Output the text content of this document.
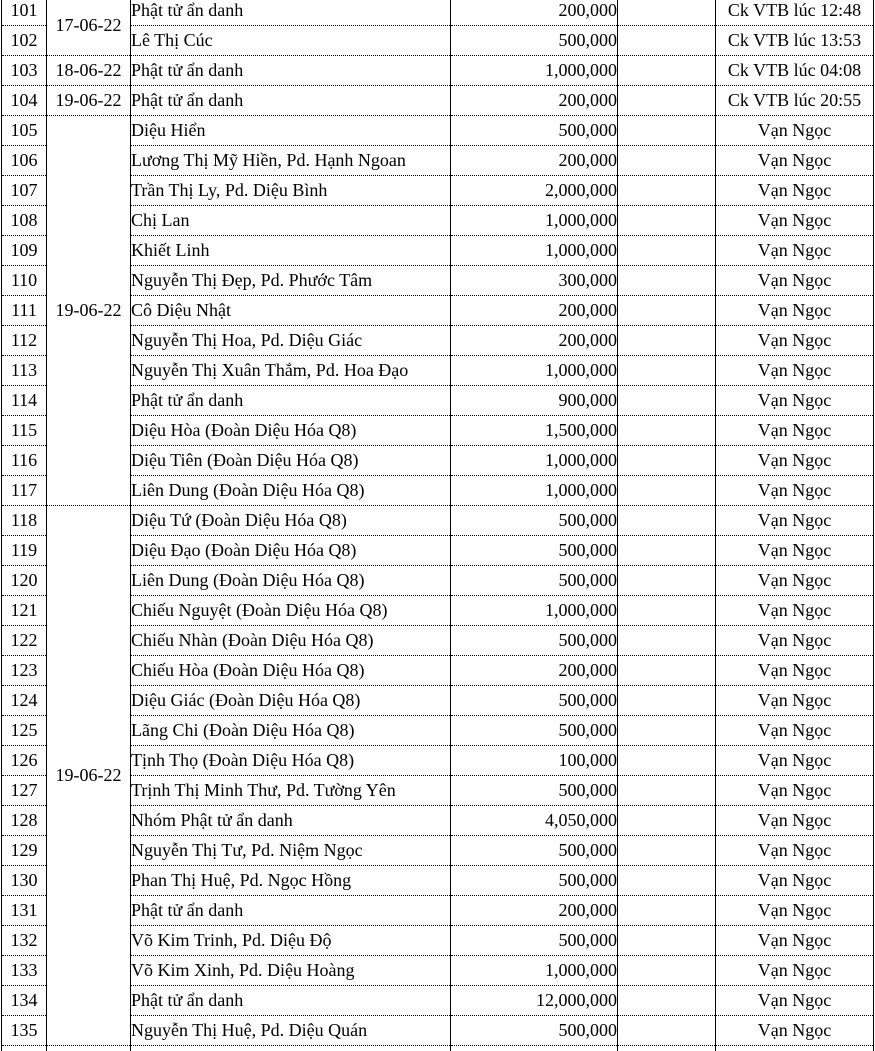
101	17-06-22	Phật tử ẩn danh	200,000		Ck VTB lúc 12:48
102		Lê Thị Cúc	500,000		Ck VTB lúc 13:53
103	18-06-22	Phật tử ẩn danh	1,000,000		Ck VTB lúc 04:08
104	19-06-22	Phật tử ẩn danh	200,000		Ck VTB lúc 20:55
105	19-06-22	Diệu Hiển	500,000		Vạn Ngọc
106		Lương Thị Mỹ Hiền, Pd. Hạnh Ngoan	200,000		Vạn Ngọc
107		Trần Thị Ly, Pd. Diệu Bình	2,000,000		Vạn Ngọc
108		Chị Lan	1,000,000		Vạn Ngọc
109		Khiết Linh	1,000,000		Vạn Ngọc
110		Nguyễn Thị Đẹp, Pd. Phước Tâm	300,000		Vạn Ngọc
111		Cô Diệu Nhật	200,000		Vạn Ngọc
112		Nguyễn Thị Hoa, Pd. Diệu Giác	200,000		Vạn Ngọc
113		Nguyễn Thị Xuân Thắm, Pd. Hoa Đạo	1,000,000		Vạn Ngọc
114		Phật tử ẩn danh	900,000		Vạn Ngọc
115		Diệu Hòa (Đoàn Diệu Hóa Q8)	1,500,000		Vạn Ngọc
116		Diệu Tiên (Đoàn Diệu Hóa Q8)	1,000,000		Vạn Ngọc
117		Liên Dung (Đoàn Diệu Hóa Q8)	1,000,000		Vạn Ngọc
118	19-06-22	Diệu Tứ (Đoàn Diệu Hóa Q8)	500,000		Vạn Ngọc
119		Diệu Đạo (Đoàn Diệu Hóa Q8)	500,000		Vạn Ngọc
120		Liên Dung (Đoàn Diệu Hóa Q8)	500,000		Vạn Ngọc
121		Chiếu Nguyệt (Đoàn Diệu Hóa Q8)	1,000,000		Vạn Ngọc
122		Chiếu Nhàn (Đoàn Diệu Hóa Q8)	500,000		Vạn Ngọc
123		Chiếu Hòa (Đoàn Diệu Hóa Q8)	200,000		Vạn Ngọc
124		Diệu Giác (Đoàn Diệu Hóa Q8)	500,000		Vạn Ngọc
125		Lãng Chi (Đoàn Diệu Hóa Q8)	500,000		Vạn Ngọc
126		Tịnh Thọ (Đoàn Diệu Hóa Q8)	100,000		Vạn Ngọc
127		Trịnh Thị Minh Thư, Pd. Tường Yên	500,000		Vạn Ngọc
128		Nhóm Phật tử ẩn danh	4,050,000		Vạn Ngọc
129		Nguyễn Thị Tư, Pd. Niệm Ngọc	500,000		Vạn Ngọc
130		Phan Thị Huệ, Pd. Ngọc Hồng	500,000		Vạn Ngọc
131		Phật tử ẩn danh	200,000		Vạn Ngọc
132		Võ Kim Trinh, Pd. Diệu Độ	500,000		Vạn Ngọc
133		Võ Kim Xinh, Pd. Diệu Hoàng	1,000,000		Vạn Ngọc
134		Phật tử ẩn danh	12,000,000		Vạn Ngọc
135		Nguyễn Thị Huệ, Pd. Diệu Quán	500,000		Vạn Ngọc
